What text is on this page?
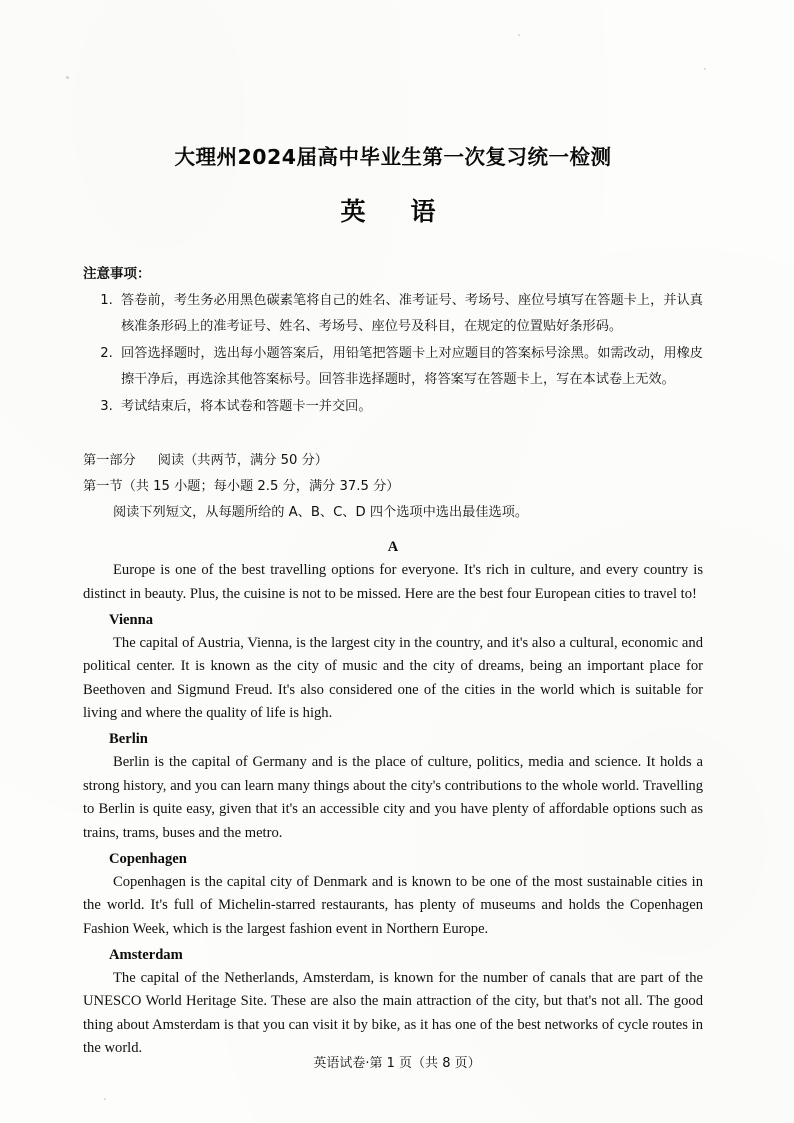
大理州2024届高中毕业生第一次复习统一检测
英　语
注意事项：
1. 答卷前，考生务必用黑色碳素笔将自己的姓名、准考证号、考场号、座位号填写在答题卡上，并认真核准条形码上的准考证号、姓名、考场号、座位号及科目，在规定的位置贴好条形码。
2. 回答选择题时，选出每小题答案后，用铅笔把答题卡上对应题目的答案标号涂黑。如需改动，用橡皮擦干净后，再选涂其他答案标号。回答非选择题时，将答案写在答题卡上，写在本试卷上无效。
3. 考试结束后，将本试卷和答题卡一并交回。
第一部分 阅读（共两节，满分 50 分）
第一节（共 15 小题；每小题 2.5 分，满分 37.5 分）
阅读下列短文，从每题所给的 A、B、C、D 四个选项中选出最佳选项。
A

Europe is one of the best travelling options for everyone. It's rich in culture, and every country is distinct in beauty. Plus, the cuisine is not to be missed. Here are the best four European cities to travel to!

Vienna

The capital of Austria, Vienna, is the largest city in the country, and it's also a cultural, economic and political center. It is known as the city of music and the city of dreams, being an important place for Beethoven and Sigmund Freud. It's also considered one of the cities in the world which is suitable for living and where the quality of life is high.

Berlin

Berlin is the capital of Germany and is the place of culture, politics, media and science. It holds a strong history, and you can learn many things about the city's contributions to the whole world. Travelling to Berlin is quite easy, given that it's an accessible city and you have plenty of affordable options such as trains, trams, buses and the metro.

Copenhagen

Copenhagen is the capital city of Denmark and is known to be one of the most sustainable cities in the world. It's full of Michelin-starred restaurants, has plenty of museums and holds the Copenhagen Fashion Week, which is the largest fashion event in Northern Europe.

Amsterdam

The capital of the Netherlands, Amsterdam, is known for the number of canals that are part of the UNESCO World Heritage Site. These are also the main attraction of the city, but that's not all. The good thing about Amsterdam is that you can visit it by bike, as it has one of the best networks of cycle routes in the world.

英语试卷·第 1 页（共 8 页）
